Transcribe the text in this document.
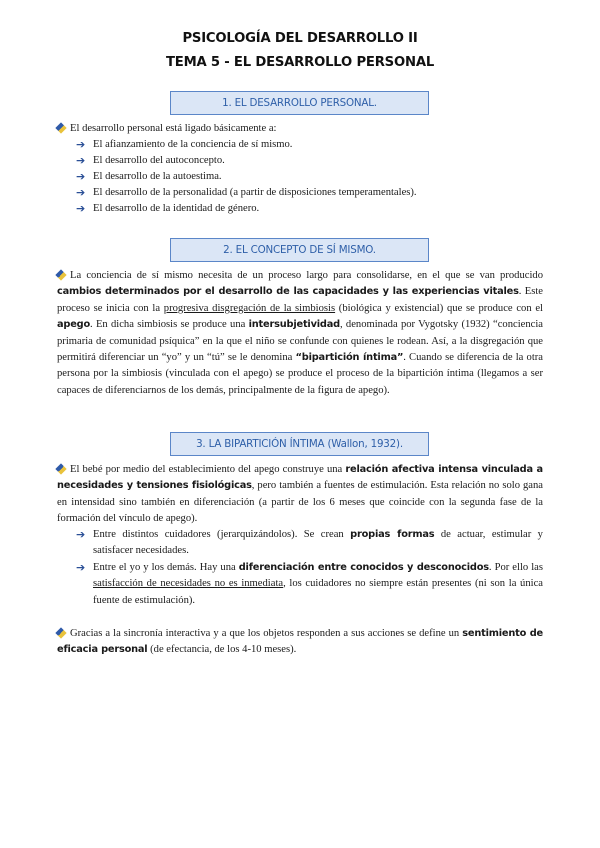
PSICOLOGÍA DEL DESARROLLO II
TEMA 5 - EL DESARROLLO PERSONAL
1. EL DESARROLLO PERSONAL.
El desarrollo personal está ligado básicamente a:
➔ El afianzamiento de la conciencia de sí mismo.
➔ El desarrollo del autoconcepto.
➔ El desarrollo de la autoestima.
➔ El desarrollo de la personalidad (a partir de disposiciones temperamentales).
➔ El desarrollo de la identidad de género.
2. EL CONCEPTO DE SÍ MISMO.
La conciencia de sí mismo necesita de un proceso largo para consolidarse, en el que se van producido cambios determinados por el desarrollo de las capacidades y las experiencias vitales. Este proceso se inicia con la progresiva disgregación de la simbiosis (biológica y existencial) que se produce con el apego. En dicha simbiosis se produce una intersubjetividad, denominada por Vygotsky (1932) “conciencia primaria de comunidad psíquica” en la que el niño se confunde con quienes le rodean. Así, a la disgregación que permitirá diferenciar un “yo” y un “tú” se le denomina “bipartición íntima”. Cuando se diferencia de la otra persona por la simbiosis (vinculada con el apego) se produce el proceso de la bipartición íntima (llegamos a ser capaces de diferenciarnos de los demás, principalmente de la figura de apego).
3. LA BIPARTICIÓN ÍNTIMA (Wallon, 1932).
El bebé por medio del establecimiento del apego construye una relación afectiva intensa vinculada a necesidades y tensiones fisiológicas, pero también a fuentes de estimulación. Esta relación no solo gana en intensidad sino también en diferenciación (a partir de los 6 meses que coincide con la segunda fase de la formación del vínculo de apego).
➔ Entre distintos cuidadores (jerarquizándolos). Se crean propias formas de actuar, estimular y satisfacer necesidades.
➔ Entre el yo y los demás. Hay una diferenciación entre conocidos y desconocidos. Por ello las satisfacción de necesidades no es inmediata, los cuidadores no siempre están presentes (ni son la única fuente de estimulación).
Gracias a la sincronía interactiva y a que los objetos responden a sus acciones se define un sentimiento de eficacia personal (de efectancia, de los 4-10 meses).
